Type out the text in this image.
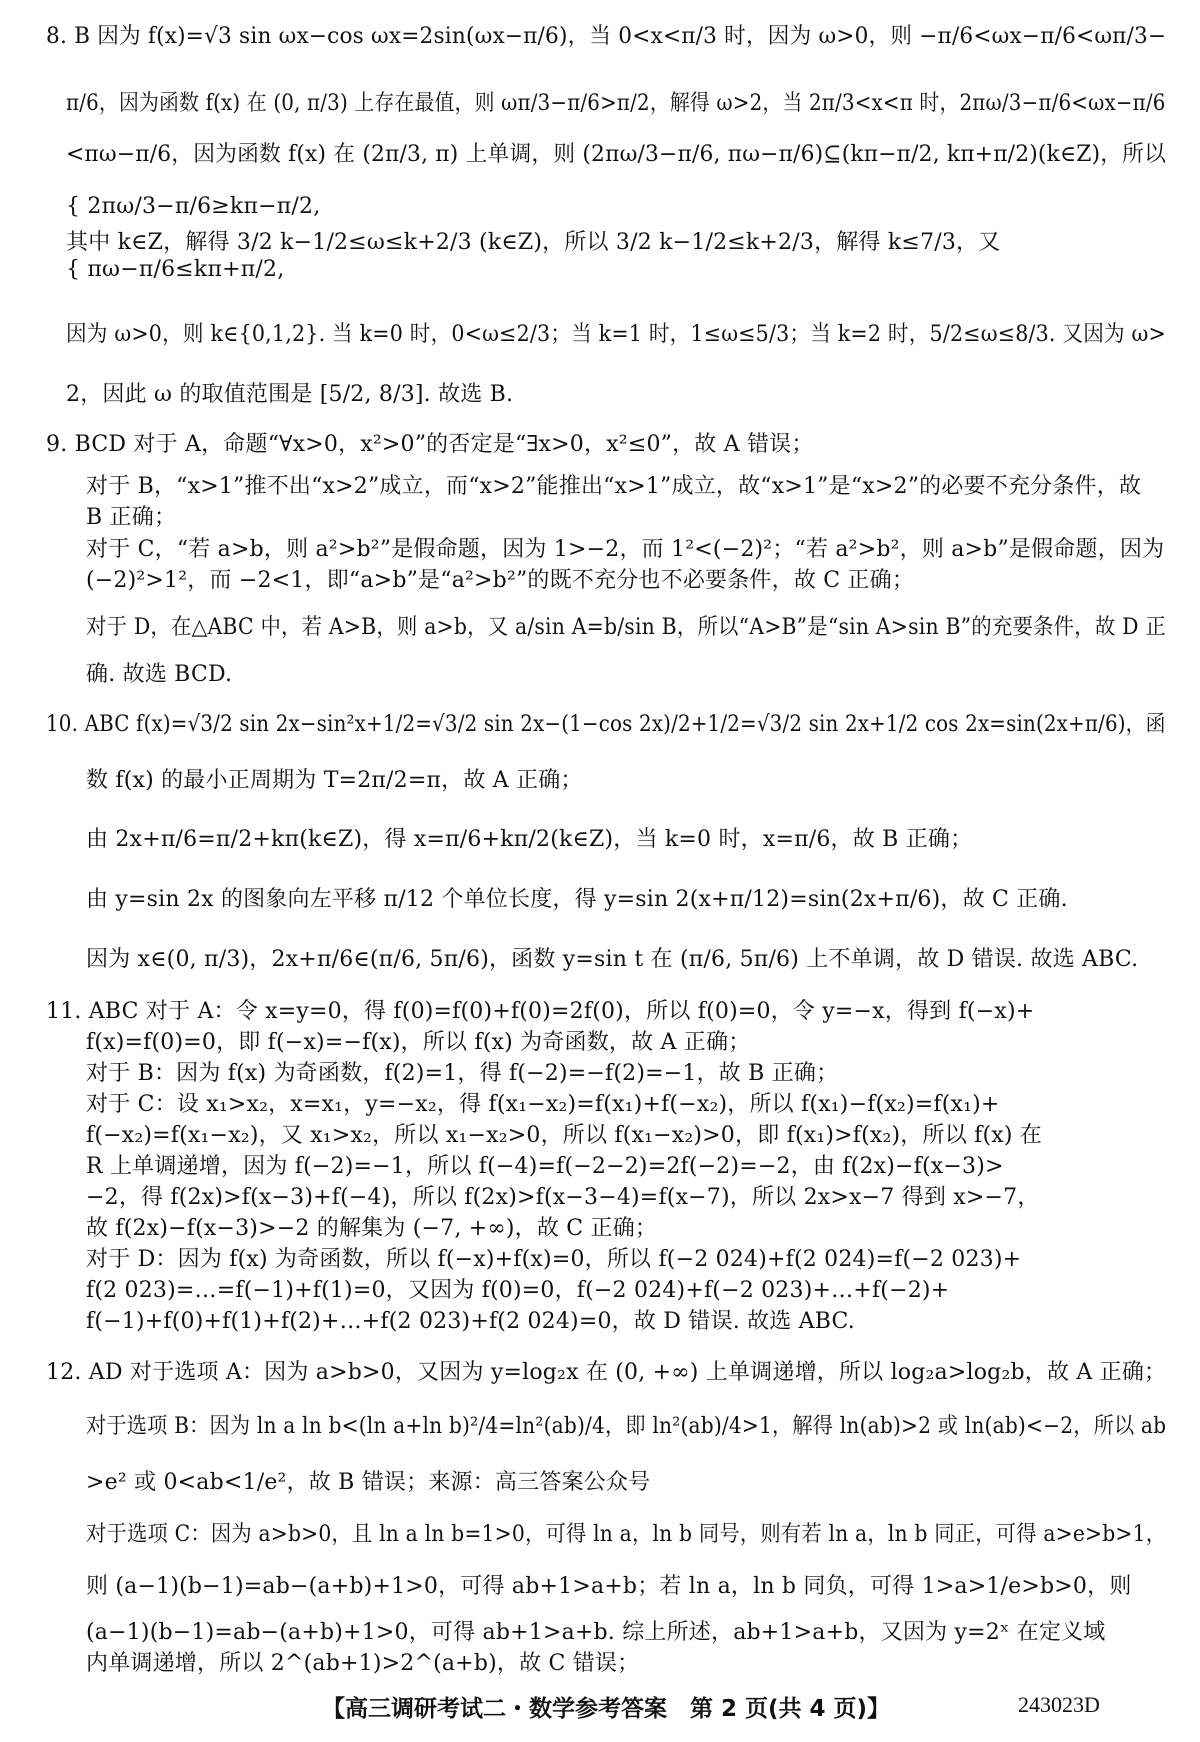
8. B 因为 f(x)=√3 sin ωx−cos ωx=2sin(ωx−π/6)，当 0<x<π/3 时，因为 ω>0，则 −π/6<ωx−π/6<ωπ/3−
π/6，因为函数 f(x) 在 (0, π/3) 上存在最值，则 ωπ/3−π/6>π/2，解得 ω>2，当 2π/3<x<π 时，2πω/3−π/6<ωx−π/6
<πω−π/6，因为函数 f(x) 在 (2π/3, π) 上单调，则 (2πω/3−π/6, πω−π/6)⊆(kπ−π/2, kπ+π/2)(k∈Z)，所以
{ 2πω/3−π/6≥kπ−π/2,
其中 k∈Z，解得 3/2 k−1/2≤ω≤k+2/3 (k∈Z)，所以 3/2 k−1/2≤k+2/3，解得 k≤7/3，又
{ πω−π/6≤kπ+π/2,
因为 ω>0，则 k∈{0,1,2}. 当 k=0 时，0<ω≤2/3；当 k=1 时，1≤ω≤5/3；当 k=2 时，5/2≤ω≤8/3. 又因为 ω>
2，因此 ω 的取值范围是 [5/2, 8/3]. 故选 B.
9. BCD 对于 A，命题“∀x>0，x²>0”的否定是“∃x>0，x²≤0”，故 A 错误；
对于 B，“x>1”推不出“x>2”成立，而“x>2”能推出“x>1”成立，故“x>1”是“x>2”的必要不充分条件，故
B 正确；
对于 C，“若 a>b，则 a²>b²”是假命题，因为 1>−2，而 1²<(−2)²；“若 a²>b²，则 a>b”是假命题，因为
(−2)²>1²，而 −2<1，即“a>b”是“a²>b²”的既不充分也不必要条件，故 C 正确；
对于 D，在△ABC 中，若 A>B，则 a>b，又 a/sin A=b/sin B，所以“A>B”是“sin A>sin B”的充要条件，故 D 正
确. 故选 BCD.
10. ABC f(x)=√3/2 sin 2x−sin²x+1/2=√3/2 sin 2x−(1−cos 2x)/2+1/2=√3/2 sin 2x+1/2 cos 2x=sin(2x+π/6)，函
数 f(x) 的最小正周期为 T=2π/2=π，故 A 正确；
由 2x+π/6=π/2+kπ(k∈Z)，得 x=π/6+kπ/2(k∈Z)，当 k=0 时，x=π/6，故 B 正确；
由 y=sin 2x 的图象向左平移 π/12 个单位长度，得 y=sin 2(x+π/12)=sin(2x+π/6)，故 C 正确.
因为 x∈(0, π/3)，2x+π/6∈(π/6, 5π/6)，函数 y=sin t 在 (π/6, 5π/6) 上不单调，故 D 错误. 故选 ABC.
11. ABC 对于 A：令 x=y=0，得 f(0)=f(0)+f(0)=2f(0)，所以 f(0)=0，令 y=−x，得到 f(−x)+
f(x)=f(0)=0，即 f(−x)=−f(x)，所以 f(x) 为奇函数，故 A 正确；
对于 B：因为 f(x) 为奇函数，f(2)=1，得 f(−2)=−f(2)=−1，故 B 正确；
对于 C：设 x₁>x₂，x=x₁，y=−x₂，得 f(x₁−x₂)=f(x₁)+f(−x₂)，所以 f(x₁)−f(x₂)=f(x₁)+
f(−x₂)=f(x₁−x₂)，又 x₁>x₂，所以 x₁−x₂>0，所以 f(x₁−x₂)>0，即 f(x₁)>f(x₂)，所以 f(x) 在
R 上单调递增，因为 f(−2)=−1，所以 f(−4)=f(−2−2)=2f(−2)=−2，由 f(2x)−f(x−3)>
−2，得 f(2x)>f(x−3)+f(−4)，所以 f(2x)>f(x−3−4)=f(x−7)，所以 2x>x−7 得到 x>−7，
故 f(2x)−f(x−3)>−2 的解集为 (−7, +∞)，故 C 正确；
对于 D：因为 f(x) 为奇函数，所以 f(−x)+f(x)=0，所以 f(−2 024)+f(2 024)=f(−2 023)+
f(2 023)=…=f(−1)+f(1)=0，又因为 f(0)=0，f(−2 024)+f(−2 023)+…+f(−2)+
f(−1)+f(0)+f(1)+f(2)+…+f(2 023)+f(2 024)=0，故 D 错误. 故选 ABC.
12. AD 对于选项 A：因为 a>b>0，又因为 y=log₂x 在 (0, +∞) 上单调递增，所以 log₂a>log₂b，故 A 正确；
对于选项 B：因为 ln a ln b<(ln a+ln b)²/4=ln²(ab)/4，即 ln²(ab)/4>1，解得 ln(ab)>2 或 ln(ab)<−2，所以 ab
>e² 或 0<ab<1/e²，故 B 错误；来源：高三答案公众号
对于选项 C：因为 a>b>0，且 ln a ln b=1>0，可得 ln a，ln b 同号，则有若 ln a，ln b 同正，可得 a>e>b>1，
则 (a−1)(b−1)=ab−(a+b)+1>0，可得 ab+1>a+b；若 ln a，ln b 同负，可得 1>a>1/e>b>0，则
(a−1)(b−1)=ab−(a+b)+1>0，可得 ab+1>a+b. 综上所述，ab+1>a+b，又因为 y=2ˣ 在定义域
内单调递增，所以 2^(ab+1)>2^(a+b)，故 C 错误；
【高三调研考试二・数学参考答案　第 2 页(共 4 页)】	243023D
